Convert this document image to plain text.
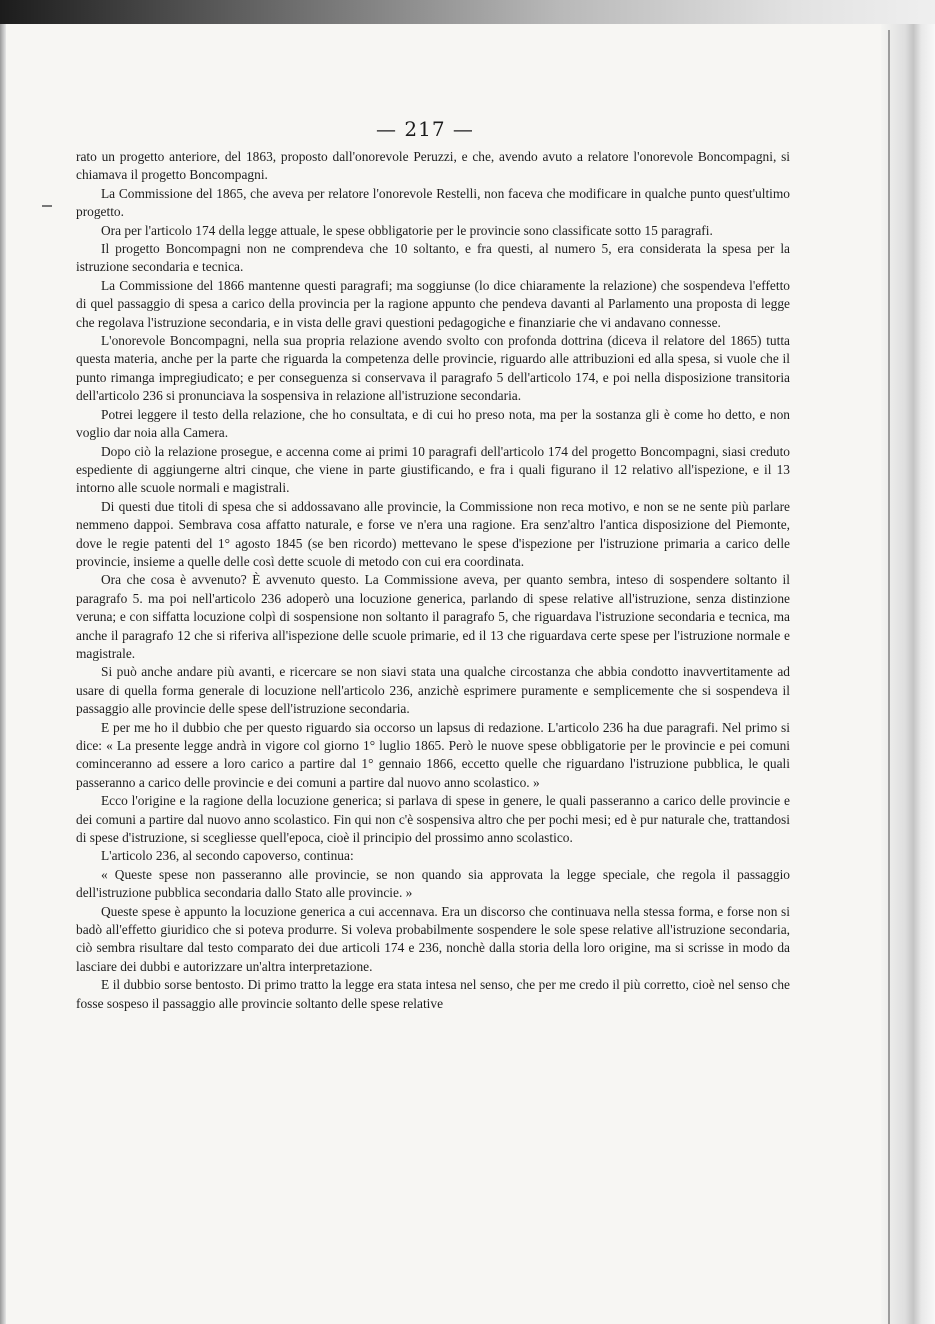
— 217 —

rato un progetto anteriore, del 1863, proposto dall'onorevole Peruzzi, e che, avendo avuto a relatore l'onorevole Boncompagni, si chiamava il progetto Boncompagni.

La Commissione del 1865, che aveva per relatore l'onorevole Restelli, non faceva che modificare in qualche punto quest'ultimo progetto.

Ora per l'articolo 174 della legge attuale, le spese obbligatorie per le provincie sono classificate sotto 15 paragrafi.

Il progetto Boncompagni non ne comprendeva che 10 soltanto, e fra questi, al numero 5, era considerata la spesa per la istruzione secondaria e tecnica.

La Commissione del 1866 mantenne questi paragrafi; ma soggiunse (lo dice chiaramente la relazione) che sospendeva l'effetto di quel passaggio di spesa a carico della provincia per la ragione appunto che pendeva davanti al Parlamento una proposta di legge che regolava l'istruzione secondaria, e in vista delle gravi questioni pedagogiche e finanziarie che vi andavano connesse.

L'onorevole Boncompagni, nella sua propria relazione avendo svolto con profonda dottrina (diceva il relatore del 1865) tutta questa materia, anche per la parte che riguarda la competenza delle provincie, riguardo alle attribuzioni ed alla spesa, si vuole che il punto rimanga impregiudicato; e per conseguenza si conservava il paragrafo 5 dell'articolo 174, e poi nella disposizione transitoria dell'articolo 236 si pronunciava la sospensiva in relazione all'istruzione secondaria.

Potrei leggere il testo della relazione, che ho consultata, e di cui ho preso nota, ma per la sostanza gli è come ho detto, e non voglio dar noia alla Camera.

Dopo ciò la relazione prosegue, e accenna come ai primi 10 paragrafi dell'articolo 174 del progetto Boncompagni, siasi creduto espediente di aggiungerne altri cinque, che viene in parte giustificando, e fra i quali figurano il 12 relativo all'ispezione, e il 13 intorno alle scuole normali e magistrali.

Di questi due titoli di spesa che si addossavano alle provincie, la Commissione non reca motivo, e non se ne sente più parlare nemmeno dappoi. Sembrava cosa affatto naturale, e forse ve n'era una ragione. Era senz'altro l'antica disposizione del Piemonte, dove le regie patenti del 1° agosto 1845 (se ben ricordo) mettevano le spese d'ispezione per l'istruzione primaria a carico delle provincie, insieme a quelle delle così dette scuole di metodo con cui era coordinata.

Ora che cosa è avvenuto? È avvenuto questo. La Commissione aveva, per quanto sembra, inteso di sospendere soltanto il paragrafo 5. ma poi nell'articolo 236 adoperò una locuzione generica, parlando di spese relative all'istruzione, senza distinzione veruna; e con siffatta locuzione colpì di sospensione non soltanto il paragrafo 5, che riguardava l'istruzione secondaria e tecnica, ma anche il paragrafo 12 che si riferiva all'ispezione delle scuole primarie, ed il 13 che riguardava certe spese per l'istruzione normale e magistrale.

Si può anche andare più avanti, e ricercare se non siavi stata una qualche circostanza che abbia condotto inavvertitamente ad usare di quella forma generale di locuzione nell'articolo 236, anzichè esprimere puramente e semplicemente che si sospendeva il passaggio alle provincie delle spese dell'istruzione secondaria.

E per me ho il dubbio che per questo riguardo sia occorso un lapsus di redazione. L'articolo 236 ha due paragrafi. Nel primo si dice: « La presente legge andrà in vigore col giorno 1° luglio 1865. Però le nuove spese obbligatorie per le provincie e pei comuni cominceranno ad essere a loro carico a partire dal 1° gennaio 1866, eccetto quelle che riguardano l'istruzione pubblica, le quali passeranno a carico delle provincie e dei comuni a partire dal nuovo anno scolastico. »

Ecco l'origine e la ragione della locuzione generica; si parlava di spese in genere, le quali passeranno a carico delle provincie e dei comuni a partire dal nuovo anno scolastico. Fin qui non c'è sospensiva altro che per pochi mesi; ed è pur naturale che, trattandosi di spese d'istruzione, si scegliesse quell'epoca, cioè il principio del prossimo anno scolastico.

L'articolo 236, al secondo capoverso, continua:

« Queste spese non passeranno alle provincie, se non quando sia approvata la legge speciale, che regola il passaggio dell'istruzione pubblica secondaria dallo Stato alle provincie. »

Queste spese è appunto la locuzione generica a cui accennava. Era un discorso che continuava nella stessa forma, e forse non si badò all'effetto giuridico che si poteva produrre. Si voleva probabilmente sospendere le sole spese relative all'istruzione secondaria, ciò sembra risultare dal testo comparato dei due articoli 174 e 236, nonchè dalla storia della loro origine, ma si scrisse in modo da lasciare dei dubbi e autorizzare un'altra interpretazione.

E il dubbio sorse bentosto. Di primo tratto la legge era stata intesa nel senso, che per me credo il più corretto, cioè nel senso che fosse sospeso il passaggio alle provincie soltanto delle spese relative
